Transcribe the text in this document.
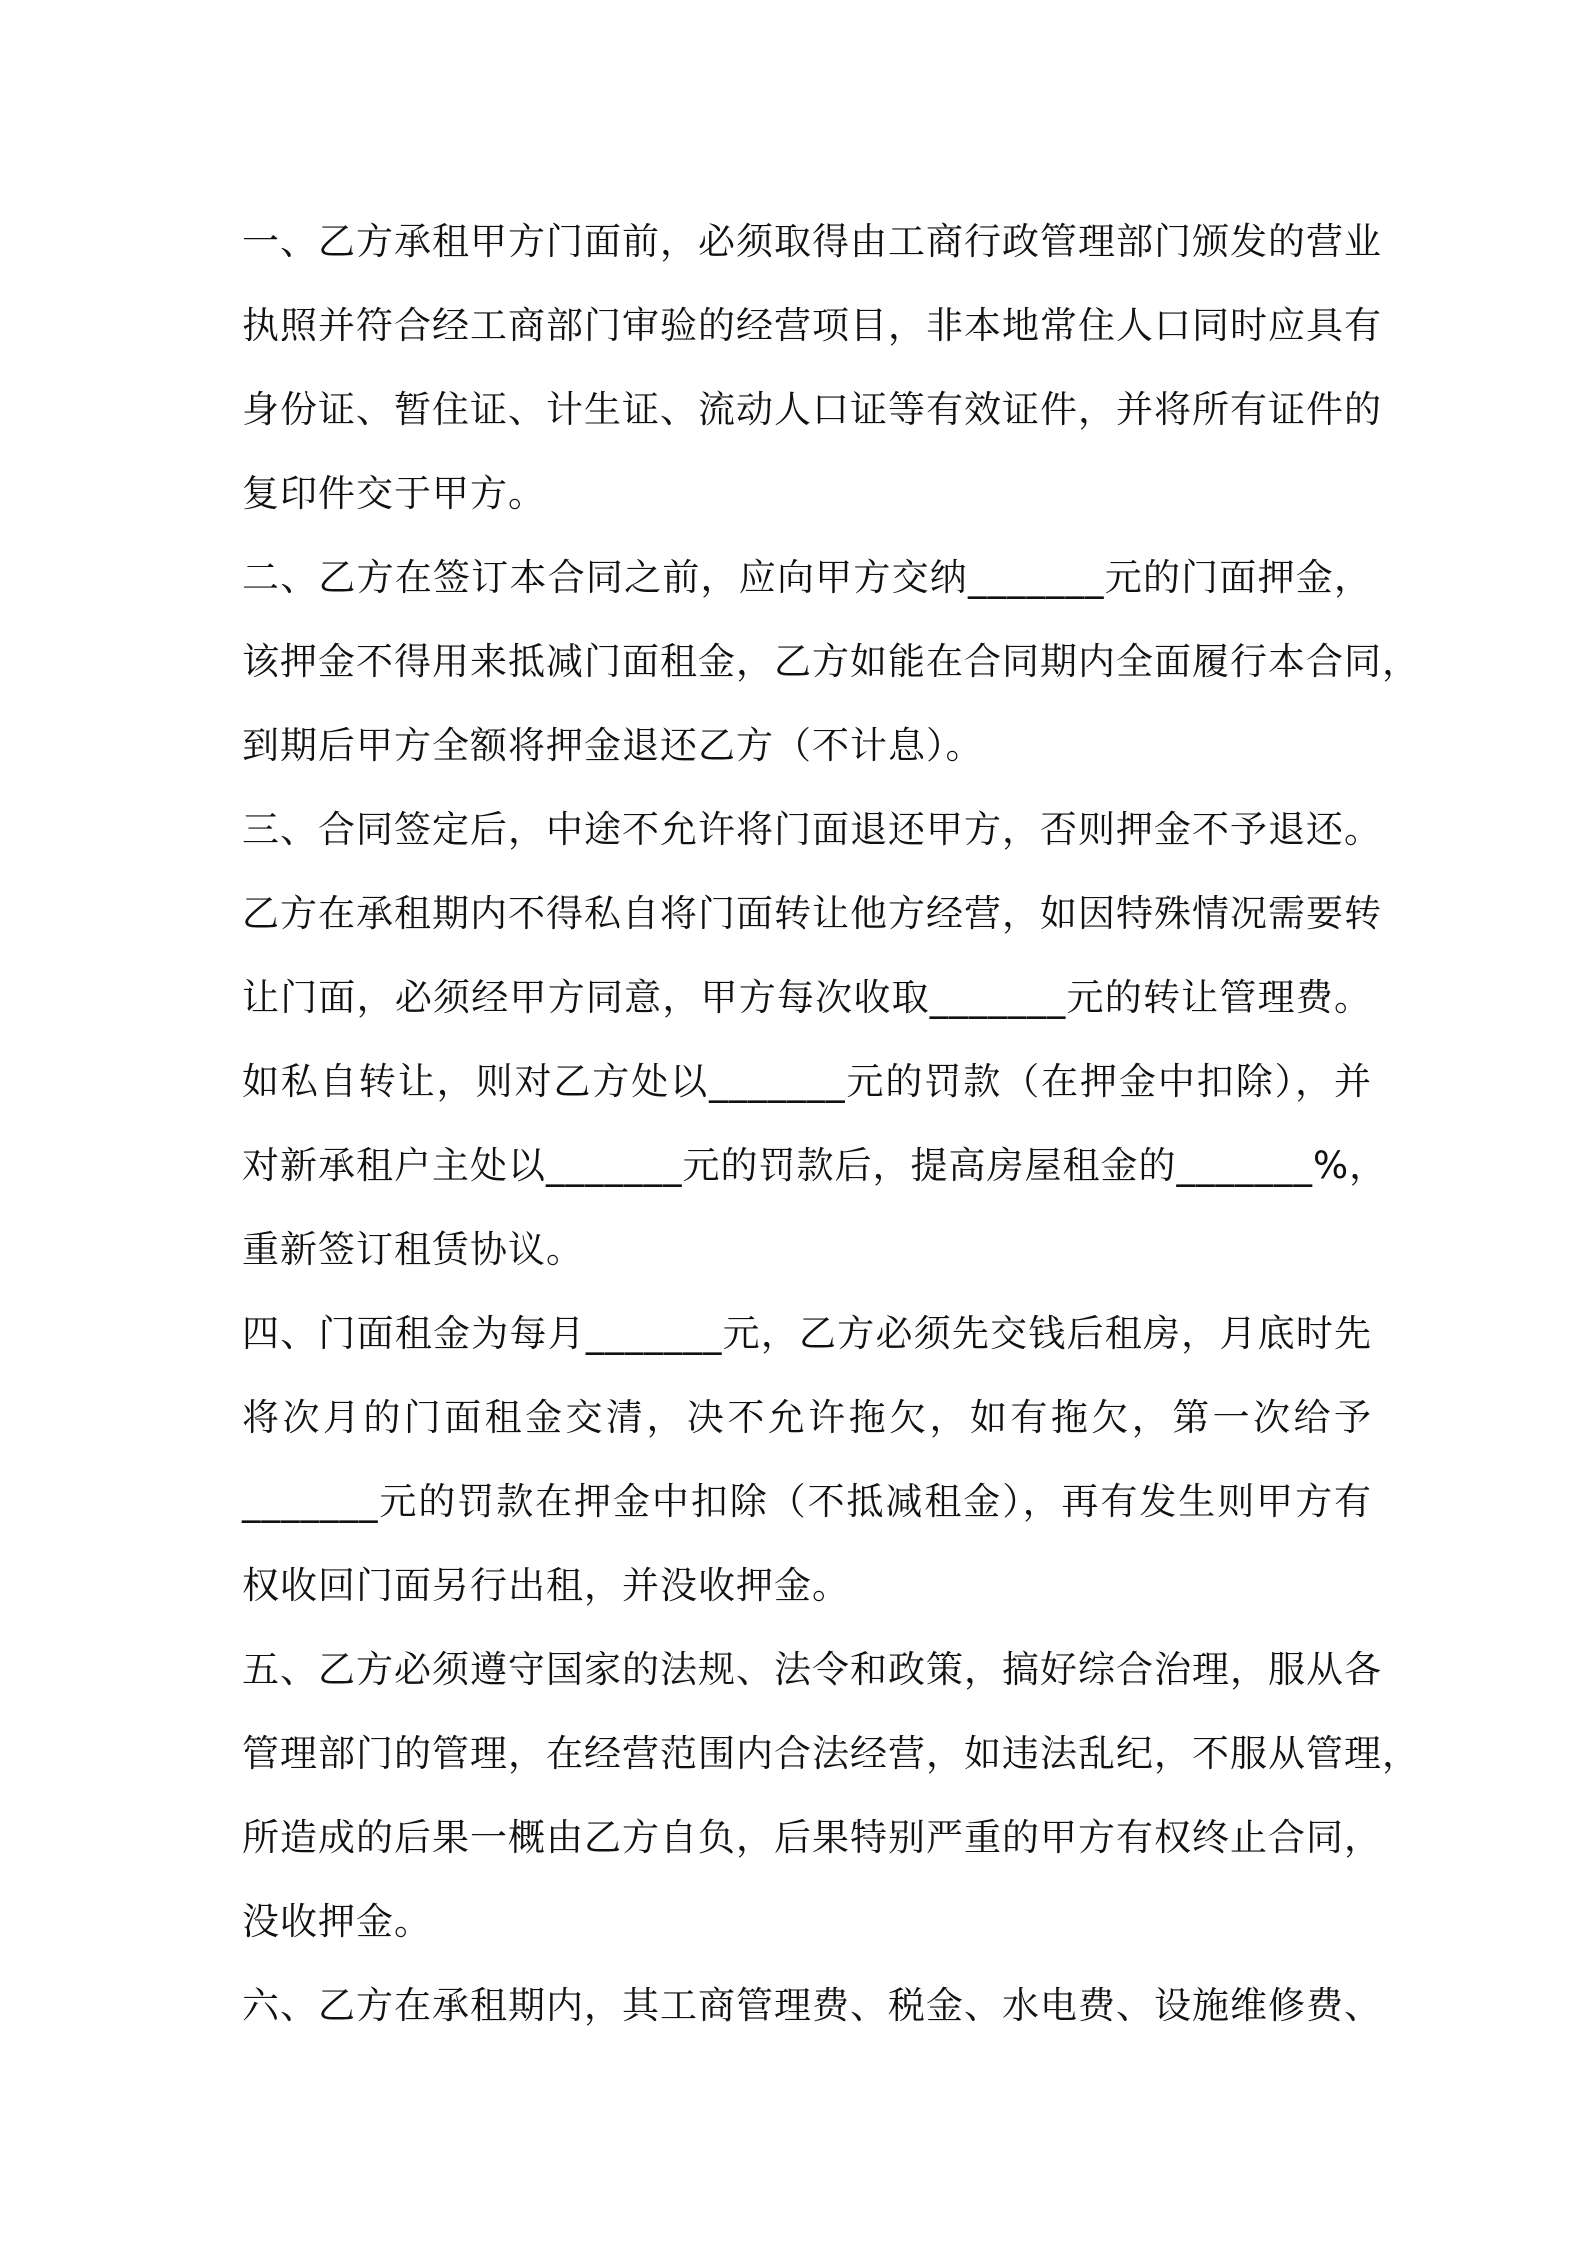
一、乙方承租甲方门面前，必须取得由工商行政管理部门颁发的营业
执照并符合经工商部门审验的经营项目，非本地常住人口同时应具有
身份证、暂住证、计生证、流动人口证等有效证件，并将所有证件的
复印件交于甲方。
二、乙方在签订本合同之前，应向甲方交纳_______元的门面押金，
该押金不得用来抵减门面租金，乙方如能在合同期内全面履行本合同，
到期后甲方全额将押金退还乙方（不计息）。
三、合同签定后，中途不允许将门面退还甲方，否则押金不予退还。
乙方在承租期内不得私自将门面转让他方经营，如因特殊情况需要转
让门面，必须经甲方同意，甲方每次收取_______元的转让管理费。
如私自转让，则对乙方处以_______元的罚款（在押金中扣除），并
对新承租户主处以_______元的罚款后，提高房屋租金的_______%，
重新签订租赁协议。
四、门面租金为每月_______元，乙方必须先交钱后租房，月底时先
将次月的门面租金交清，决不允许拖欠，如有拖欠，第一次给予
_______元的罚款在押金中扣除（不抵减租金），再有发生则甲方有
权收回门面另行出租，并没收押金。
五、乙方必须遵守国家的法规、法令和政策，搞好综合治理，服从各
管理部门的管理，在经营范围内合法经营，如违法乱纪，不服从管理，
所造成的后果一概由乙方自负，后果特别严重的甲方有权终止合同，
没收押金。
六、乙方在承租期内，其工商管理费、税金、水电费、设施维修费、
